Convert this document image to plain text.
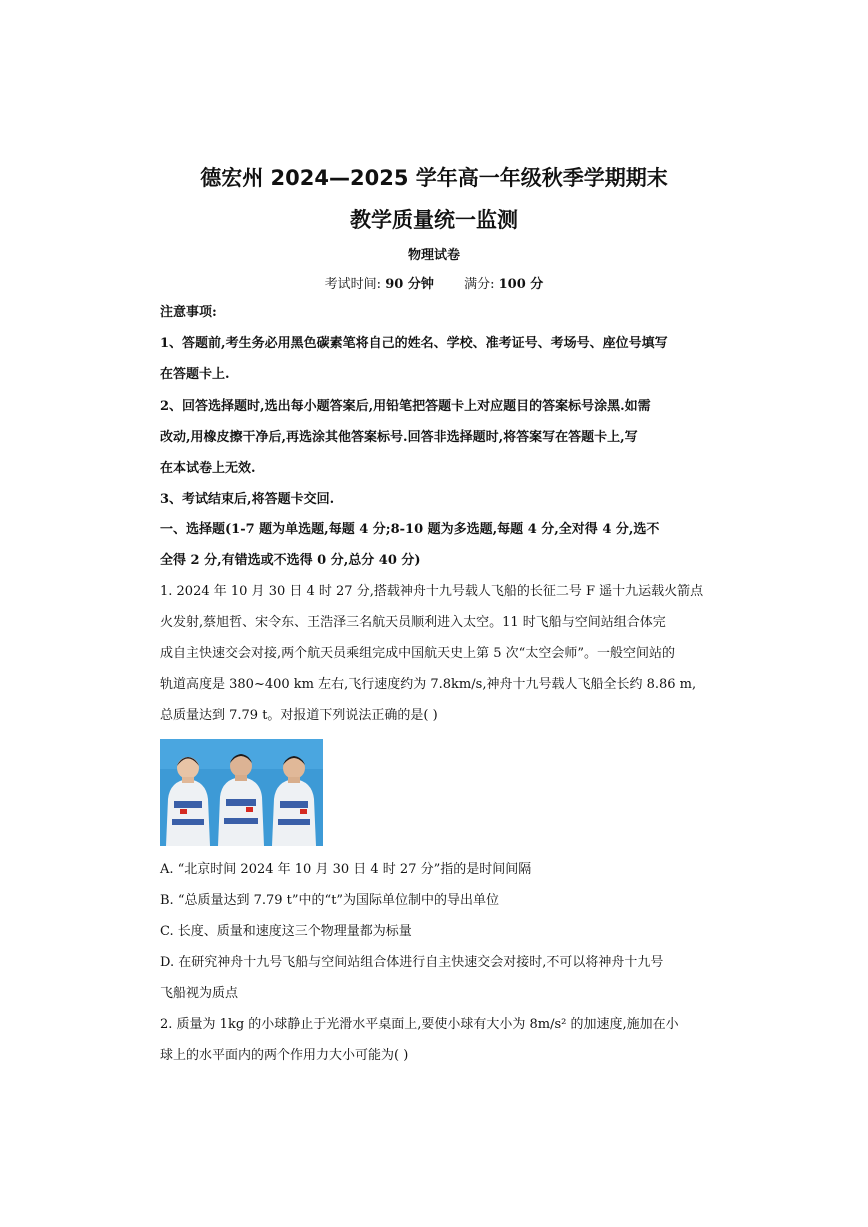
德宏州 2024—2025 学年高一年级秋季学期期末
教学质量统一监测
物理试卷
考试时间: 90 分钟 满分: 100 分
注意事项:
1、答题前,考生务必用黑色碳素笔将自己的姓名、学校、准考证号、考场号、座位号填写
在答题卡上.
2、回答选择题时,选出每小题答案后,用铅笔把答题卡上对应题目的答案标号涂黑.如需
改动,用橡皮擦干净后,再选涂其他答案标号.回答非选择题时,将答案写在答题卡上,写
在本试卷上无效.
3、考试结束后,将答题卡交回.
一、选择题(1-7 题为单选题,每题 4 分;8-10 题为多选题,每题 4 分,全对得 4 分,选不
全得 2 分,有错选或不选得 0 分,总分 40 分)
1. 2024 年 10 月 30 日 4 时 27 分,搭载神舟十九号载人飞船的长征二号 F 遥十九运载火箭点
火发射,蔡旭哲、宋令东、王浩泽三名航天员顺利进入太空。11 时飞船与空间站组合体完
成自主快速交会对接,两个航天员乘组完成中国航天史上第 5 次“太空会师”。一般空间站的
轨道高度是 380~400 km 左右,飞行速度约为 7.8km/s,神舟十九号载人飞船全长约 8.86 m,
总质量达到 7.79 t。对报道下列说法正确的是( )
A. “北京时间 2024 年 10 月 30 日 4 时 27 分”指的是时间间隔
B. “总质量达到 7.79 t”中的“t”为国际单位制中的导出单位
C. 长度、质量和速度这三个物理量都为标量
D. 在研究神舟十九号飞船与空间站组合体进行自主快速交会对接时,不可以将神舟十九号
飞船视为质点
2. 质量为 1kg 的小球静止于光滑水平桌面上,要使小球有大小为 8m/s² 的加速度,施加在小
球上的水平面内的两个作用力大小可能为( )
